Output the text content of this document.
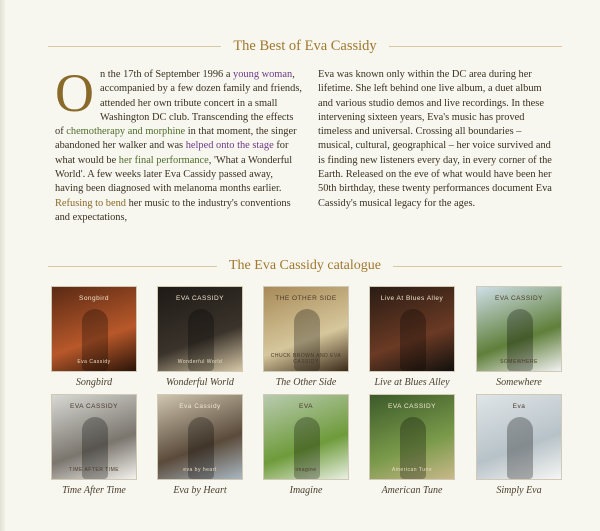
The Best of Eva Cassidy
O n the 17th of September 1996 a young woman, accompanied by a few dozen family and friends, attended her own tribute concert in a small Washington DC club. Transcending the effects of chemotherapy and morphine in that moment, the singer abandoned her walker and was helped onto the stage for what would be her final performance, 'What a Wonderful World'. A few weeks later Eva Cassidy passed away, having been diagnosed with melanoma months earlier. Refusing to bend her music to the industry's conventions and expectations,
Eva was known only within the DC area during her lifetime. She left behind one live album, a duet album and various studio demos and live recordings. In these intervening sixteen years, Eva's music has proved timeless and universal. Crossing all boundaries – musical, cultural, geographical – her voice survived and is finding new listeners every day, in every corner of the Earth. Released on the eve of what would have been her 50th birthday, these twenty performances document Eva Cassidy's musical legacy for the ages.
The Eva Cassidy catalogue
Songbird
Eva Cassidy
Songbird
EVA CASSIDY
Wonderful World
Wonderful World
THE OTHER SIDE
CHUCK BROWN AND EVA CASSIDY
The Other Side
Live At Blues Alley
Live at Blues Alley
EVA CASSIDY
SOMEWHERE
Somewhere
EVA CASSIDY
TIME AFTER TIME
Time After Time
Eva Cassidy
eva by heart
Eva by Heart
EVA
imagine
Imagine
EVA CASSIDY
American Tune
American Tune
Eva
Simply Eva
